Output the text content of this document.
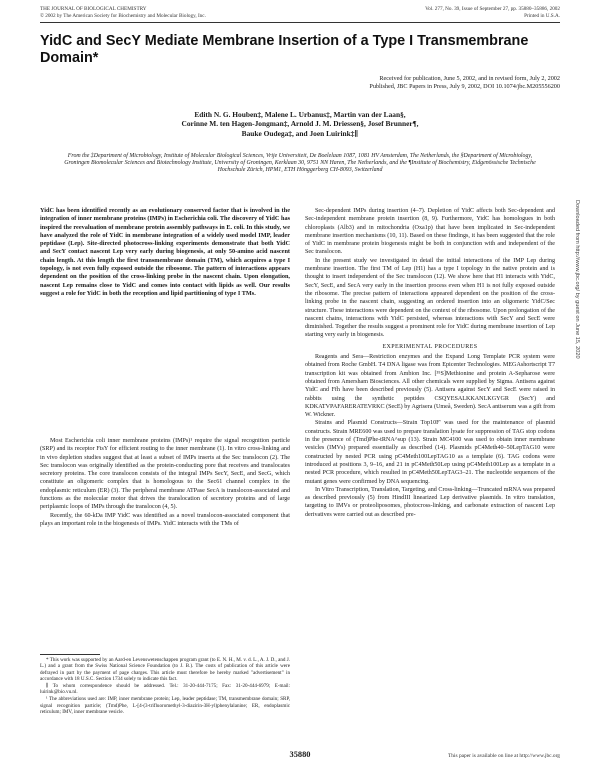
THE JOURNAL OF BIOLOGICAL CHEMISTRY
© 2002 by The American Society for Biochemistry and Molecular Biology, Inc.
Vol. 277, No. 39, Issue of September 27, pp. 35880–35886, 2002
Printed in U.S.A.
YidC and SecY Mediate Membrane Insertion of a Type I Transmembrane Domain*
Received for publication, June 5, 2002, and in revised form, July 2, 2002
Published, JBC Papers in Press, July 9, 2002, DOI 10.1074/jbc.M205556200
Edith N. G. Houben‡, Malene L. Urbanus‡, Martin van der Laan§,
Corinne M. ten Hagen-Jongman‡, Arnold J. M. Driessen§, Josef Brunner¶,
Bauke Oudega‡, and Joen Luirink‡∥
From the ‡Department of Microbiology, Institute of Molecular Biological Sciences, Vrije Universiteit, De Boelelaan 1087, 1081 HV Amsterdam, The Netherlands, the §Department of Microbiology, Groningen Biomolecular Sciences and Biotechnology Institute, University of Groningen, Kerklaan 30, 9751 NN Haren, The Netherlands, and the ¶Institute of Biochemistry, Eidgenössische Technische Hochschule Zürich, HPM1, ETH Hönggerberg CH-8093, Switzerland
YidC has been identified recently as an evolutionary conserved factor that is involved in the integration of inner membrane proteins (IMPs) in Escherichia coli. The discovery of YidC has inspired the reevaluation of membrane protein assembly pathways in E. coli. In this study, we have analyzed the role of YidC in membrane integration of a widely used model IMP, leader peptidase (Lep). Site-directed photocross-linking experiments demonstrate that both YidC and SecY contact nascent Lep very early during biogenesis, at only 50-amino acid nascent chain length. At this length the first transmembrane domain (TM), which acquires a type I topology, is not even fully exposed outside the ribosome. The pattern of interactions appears dependent on the position of the cross-linking probe in the nascent chain. Upon elongation, nascent Lep remains close to YidC and comes into contact with lipids as well. Our results suggest a role for YidC in both the reception and lipid partitioning of type I TMs.

Most Escherichia coli inner membrane proteins (IMPs)¹ require the signal recognition particle (SRP) and its receptor FtsY for efficient routing to the inner membrane (1). In vitro cross-linking and in vivo depletion studies suggest that at least a subset of IMPs inserts at the Sec translocon (2). The Sec translocon was originally identified as the protein-conducting pore that receives and translocates secretory proteins. The core translocon consists of the integral IMPs SecY, SecE, and SecG, which constitute an oligomeric complex that is homologous to the Sec61 channel complex in the endoplasmic reticulum (ER) (3). The peripheral membrane ATPase SecA is translocon-associated and functions as the molecular motor that drives the translocation of secretory proteins and of large periplasmic loops of IMPs through the translocon (4, 5).

Recently, the 60-kDa IMP YidC was identified as a novel translocon-associated component that plays an important role in the biogenesis of IMPs. YidC interacts with the TMs of

* This work was supported by an Aard-en Levenswetenschappen program grant (to E. N. H., M. v. d. L., A. J. D., and J. L.) and a grant from the Swiss National Science Foundation (to J. B.). The costs of publication of this article were defrayed in part by the payment of page charges. This article must therefore be hereby marked "advertisement" in accordance with 18 U.S.C. Section 1734 solely to indicate this fact.

∥ To whom correspondence should be addressed. Tel.: 31-20-444-7175; Fax: 31-20-444-6979; E-mail: luirink@bio.vu.nl.

¹ The abbreviations used are: IMP, inner membrane protein; Lep, leader peptidase; TM, transmembrane domain; SRP, signal recognition particle; (Tmd)Phe, L-[4-(3-trifluoromethyl-3-diazirin-3H-yl)phenylalanine; ER, endoplasmic reticulum; IMV, inner membrane vesicle.

Sec-dependent IMPs during insertion (4–7). Depletion of YidC affects both Sec-dependent and Sec-independent membrane protein insertion (8, 9). Furthermore, YidC has homologues in both chloroplasts (Alb3) and in mitochondria (Oxa1p) that have been implicated in Sec-independent membrane insertion mechanisms (10, 11). Based on these findings, it has been suggested that the role of YidC in membrane protein biogenesis might be both in conjunction with and independent of the Sec translocon.

In the present study we investigated in detail the initial interactions of the IMP Lep during membrane insertion. The first TM of Lep (H1) has a type I topology in the native protein and is thought to insert independent of the Sec translocon (12). We show here that H1 interacts with YidC, SecY, SecE, and SecA very early in the insertion process even when H1 is not fully exposed outside the ribosome. The precise pattern of interactions appeared dependent on the position of the cross-linking probe in the nascent chain, suggesting an ordered insertion into an oligomeric YidC/Sec structure. These interactions were dependent on the context of the ribosome. Upon prolongation of the nascent chains, interactions with YidC persisted, whereas interactions with SecY and SecE were diminished. Together the results suggest a prominent role for YidC during membrane insertion of Lep starting very early in biogenesis.

EXPERIMENTAL PROCEDURES

Reagents and Sera—Restriction enzymes and the Expand Long Template PCR system were obtained from Roche GmbH. T4 DNA ligase was from Epicenter Technologies. MEGAshortscript T7 transcription kit was obtained from Ambion Inc. [³⁵S]Methionine and protein A-Sepharose were obtained from Amersham Biosciences. All other chemicals were supplied by Sigma. Antisera against YidC and Ffh have been described previously (5). Antisera against SecY and SecE were raised in rabbits using the synthetic peptides CSQYESALKKANLKGYGR (SecY) and KDKATVPAFARERATEVRKC (SecE) by Agrisera (Umeå, Sweden). SecA antiserum was a gift from W. Wickner.

Strains and Plasmid Constructs—Strain Top10F' was used for the maintenance of plasmid constructs. Strain MRE600 was used to prepare translation lysate for suppression of TAG stop codons in the presence of (Tmd)Phe-tRNA^sup (13). Strain MC4100 was used to obtain inner membrane vesicles (IMVs) prepared essentially as described (14). Plasmids pC4Meth40–50LepTAG10 were constructed by nested PCR using pC4Meth100LepTAG10 as a template (6). TAG codons were introduced at positions 3, 9–16, and 21 in pC4Meth50Lep using pC4Meth100Lep as a template in a nested PCR procedure, which resulted in pC4Meth50LepTAG3–21. The nucleotide sequences of the mutant genes were confirmed by DNA sequencing.

In Vitro Transcription, Translation, Targeting, and Cross-linking—Truncated mRNA was prepared as described previously (5) from HindIII linearized Lep derivative plasmids. In vitro translation, targeting to IMVs or proteoliposomes, photocross-linking, and carbonate extraction of nascent Lep derivatives were carried out as described pre-

Downloaded from http://www.jbc.org/ by guest on June 15, 2020
35880	This paper is available on line at http://www.jbc.org
